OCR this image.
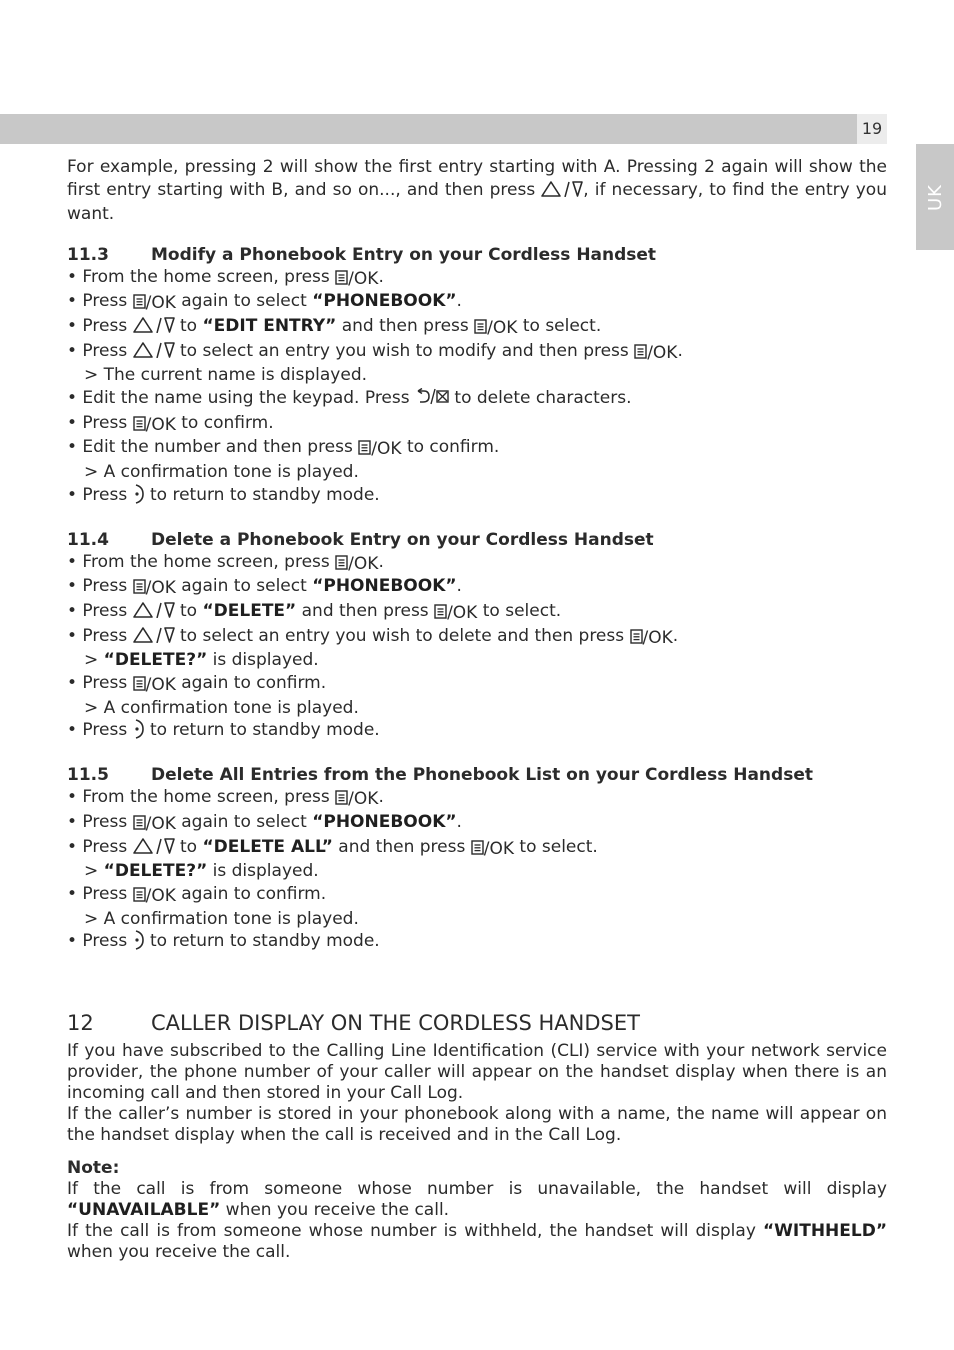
19
UK

For example, pressing 2 will show the first entry starting with A. Pressing 2 again will show the first entry starting with B, and so on..., and then press	, if necessary, to find the entry you want.

11.3	Modify a Phonebook Entry on your Cordless Handset
• From the home screen, press /OK.
• Press /OK again to select “PHONEBOOK”.
• Press	to “EDIT ENTRY” and then press /OK to select.
• Press	to select an entry you wish to modify and then press /OK.
> The current name is displayed.
• Edit the name using the keypad. Press	to delete characters.
• Press /OK to confirm.
• Edit the number and then press /OK to confirm.
> A confirmation tone is played.
• Press to return to standby mode.
11.4	Delete a Phonebook Entry on your Cordless Handset
• From the home screen, press /OK.
• Press /OK again to select “PHONEBOOK”.
• Press	to “DELETE” and then press /OK to select.
• Press	to select an entry you wish to delete and then press /OK.
> “DELETE?” is displayed.
• Press /OK again to confirm.
> A confirmation tone is played.
• Press to return to standby mode.
11.5	Delete All Entries from the Phonebook List on your Cordless Handset
• From the home screen, press /OK.
• Press /OK again to select “PHONEBOOK”.
• Press	to “DELETE ALL” and then press /OK to select.
> “DELETE?” is displayed.
• Press /OK again to confirm.
> A confirmation tone is played.
• Press to return to standby mode.
12	CALLER DISPLAY ON THE CORDLESS HANDSET

If you have subscribed to the Calling Line Identification (CLI) service with your network service provider, the phone number of your caller will appear on the handset display when there is an incoming call and then stored in your Call Log.

If the caller’s number is stored in your phonebook along with a name, the name will appear on the handset display when the call is received and in the Call Log.

Note:

If the call is from someone whose number is unavailable, the handset will display “UNAVAILABLE” when you receive the call.

If the call is from someone whose number is withheld, the handset will display “WITHHELD” when you receive the call.
